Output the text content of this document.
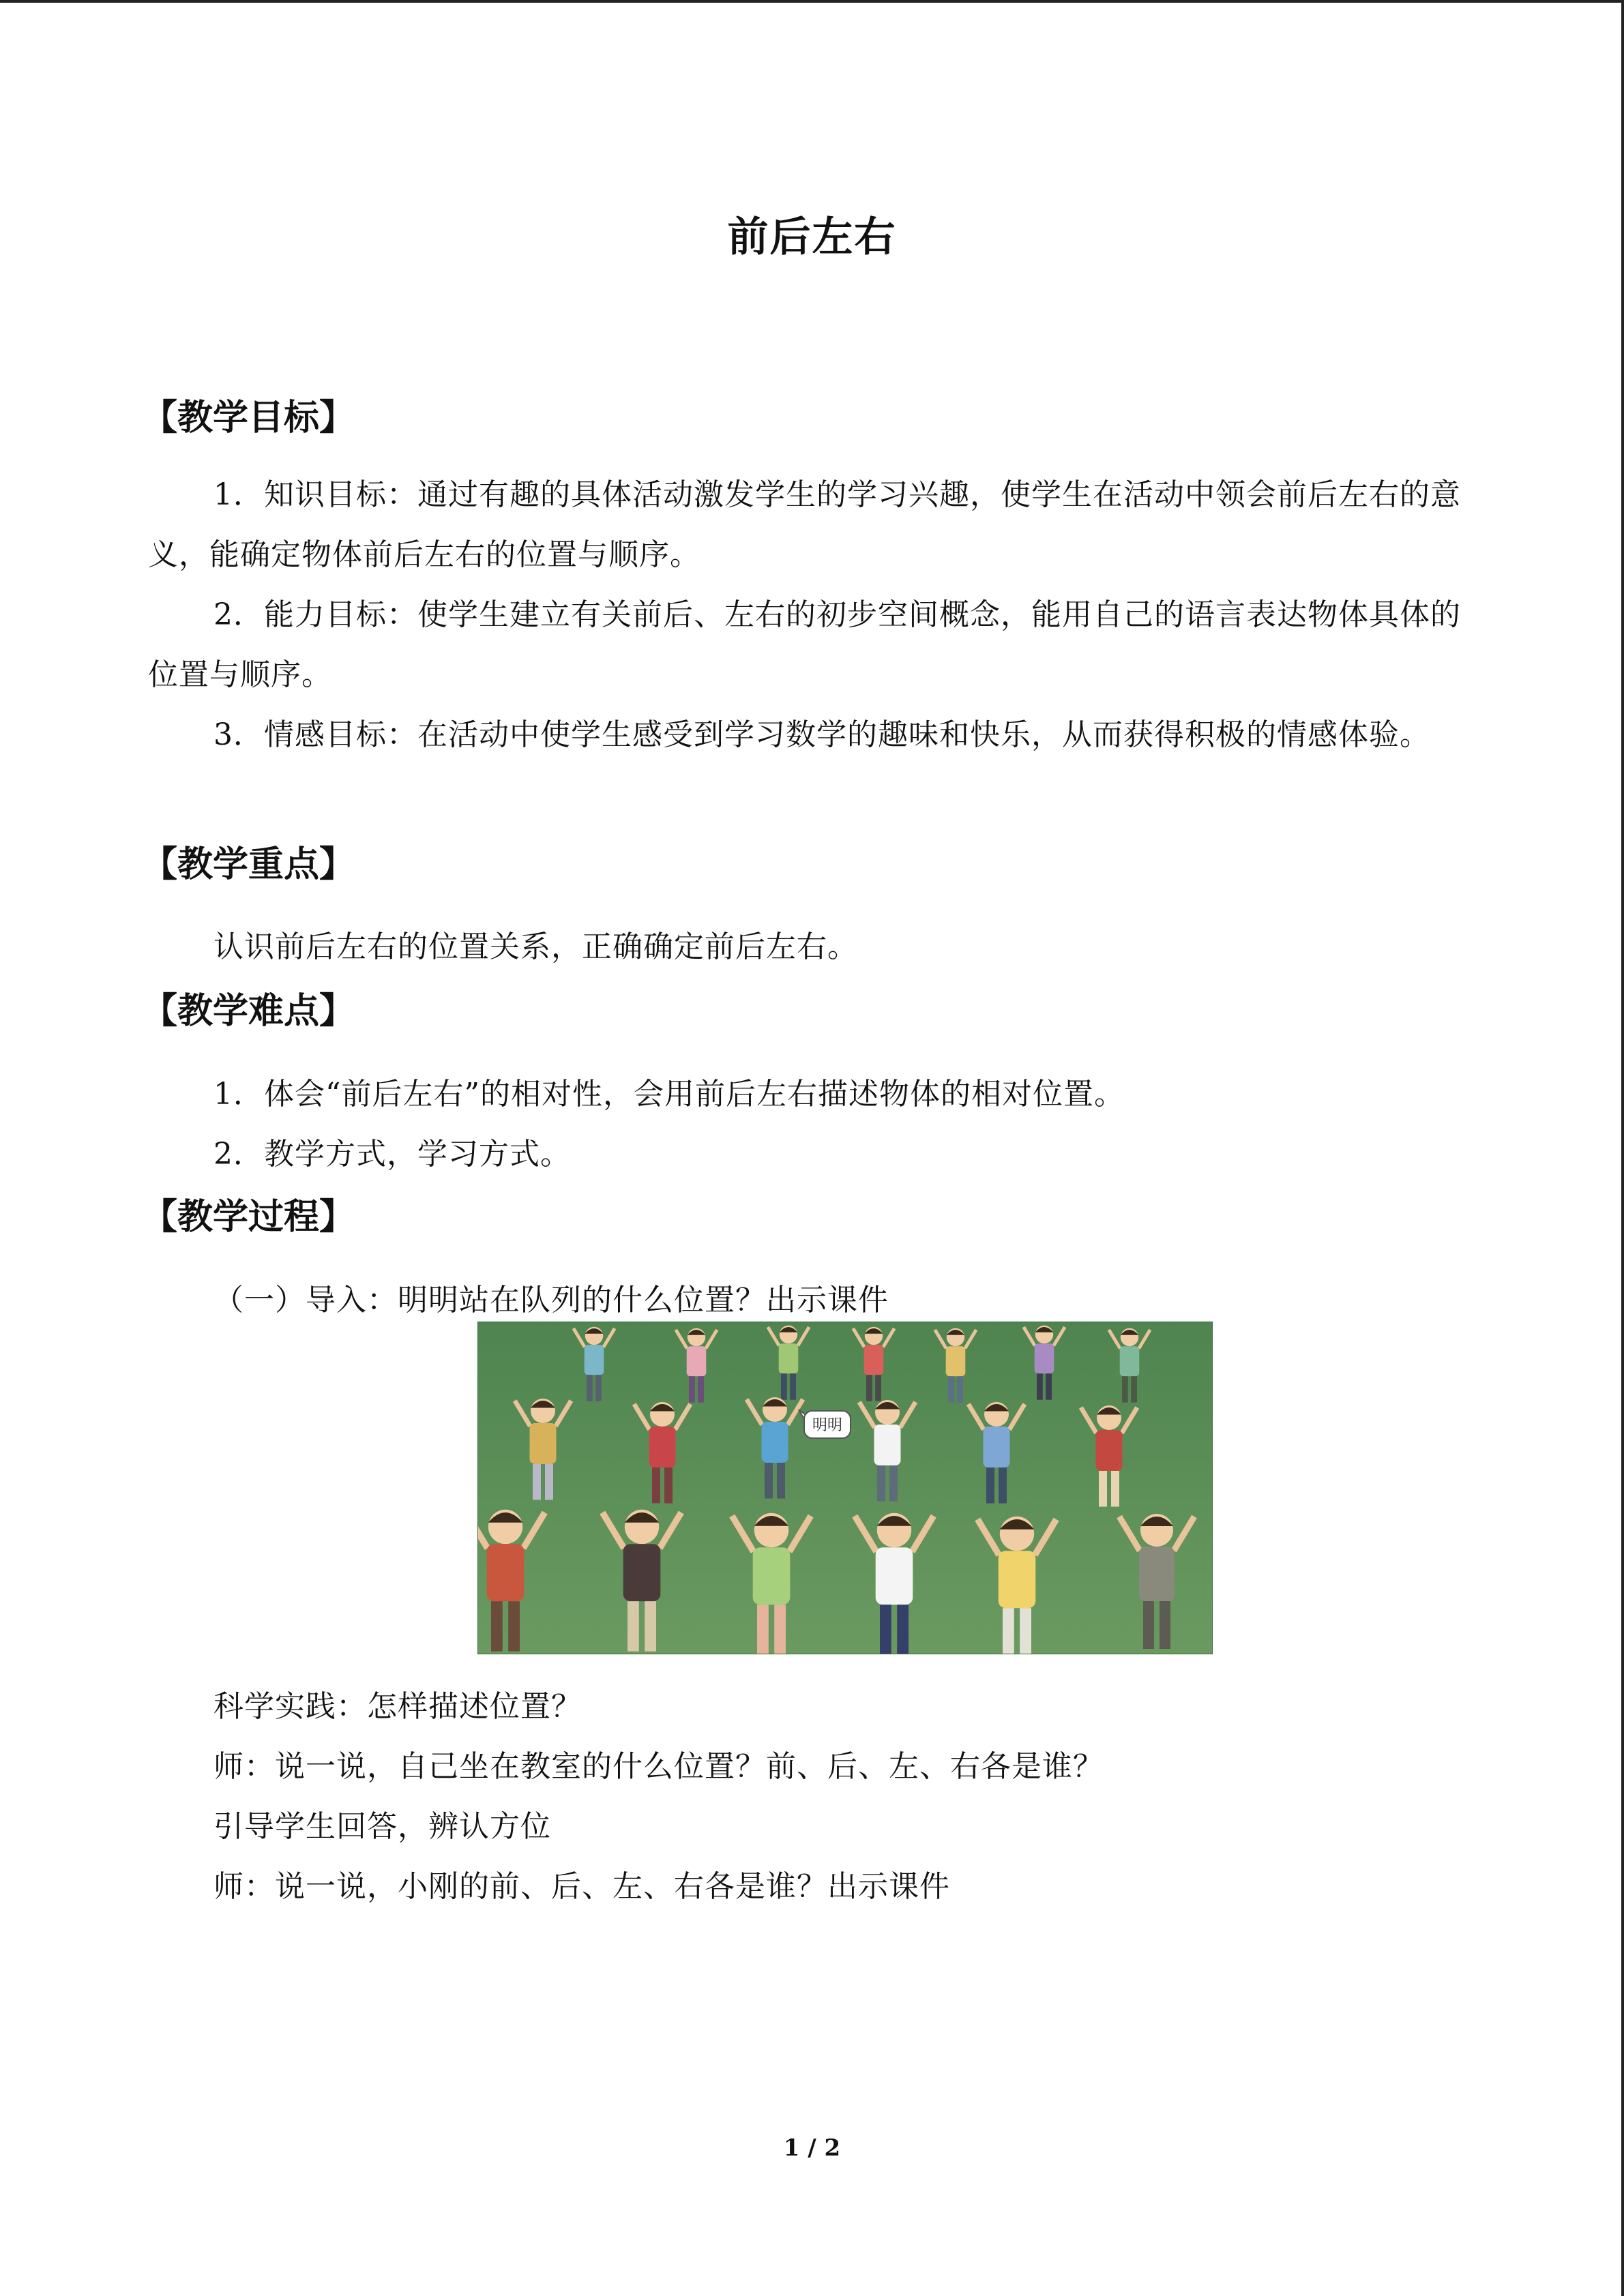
前后左右
【教学目标】

1．知识目标：通过有趣的具体活动激发学生的学习兴趣，使学生在活动中领会前后左右的意义，能确定物体前后左右的位置与顺序。

2．能力目标：使学生建立有关前后、左右的初步空间概念，能用自己的语言表达物体具体的位置与顺序。

3．情感目标：在活动中使学生感受到学习数学的趣味和快乐，从而获得积极的情感体验。

【教学重点】
认识前后左右的位置关系，正确确定前后左右。
【教学难点】
1．体会“前后左右”的相对性，会用前后左右描述物体的相对位置。
2．教学方式，学习方式。
【教学过程】
（一）导入：明明站在队列的什么位置？出示课件
明明
科学实践：怎样描述位置？
师：说一说，自己坐在教室的什么位置？前、后、左、右各是谁？
引导学生回答，辨认方位
师：说一说，小刚的前、后、左、右各是谁？出示课件
1 / 2
